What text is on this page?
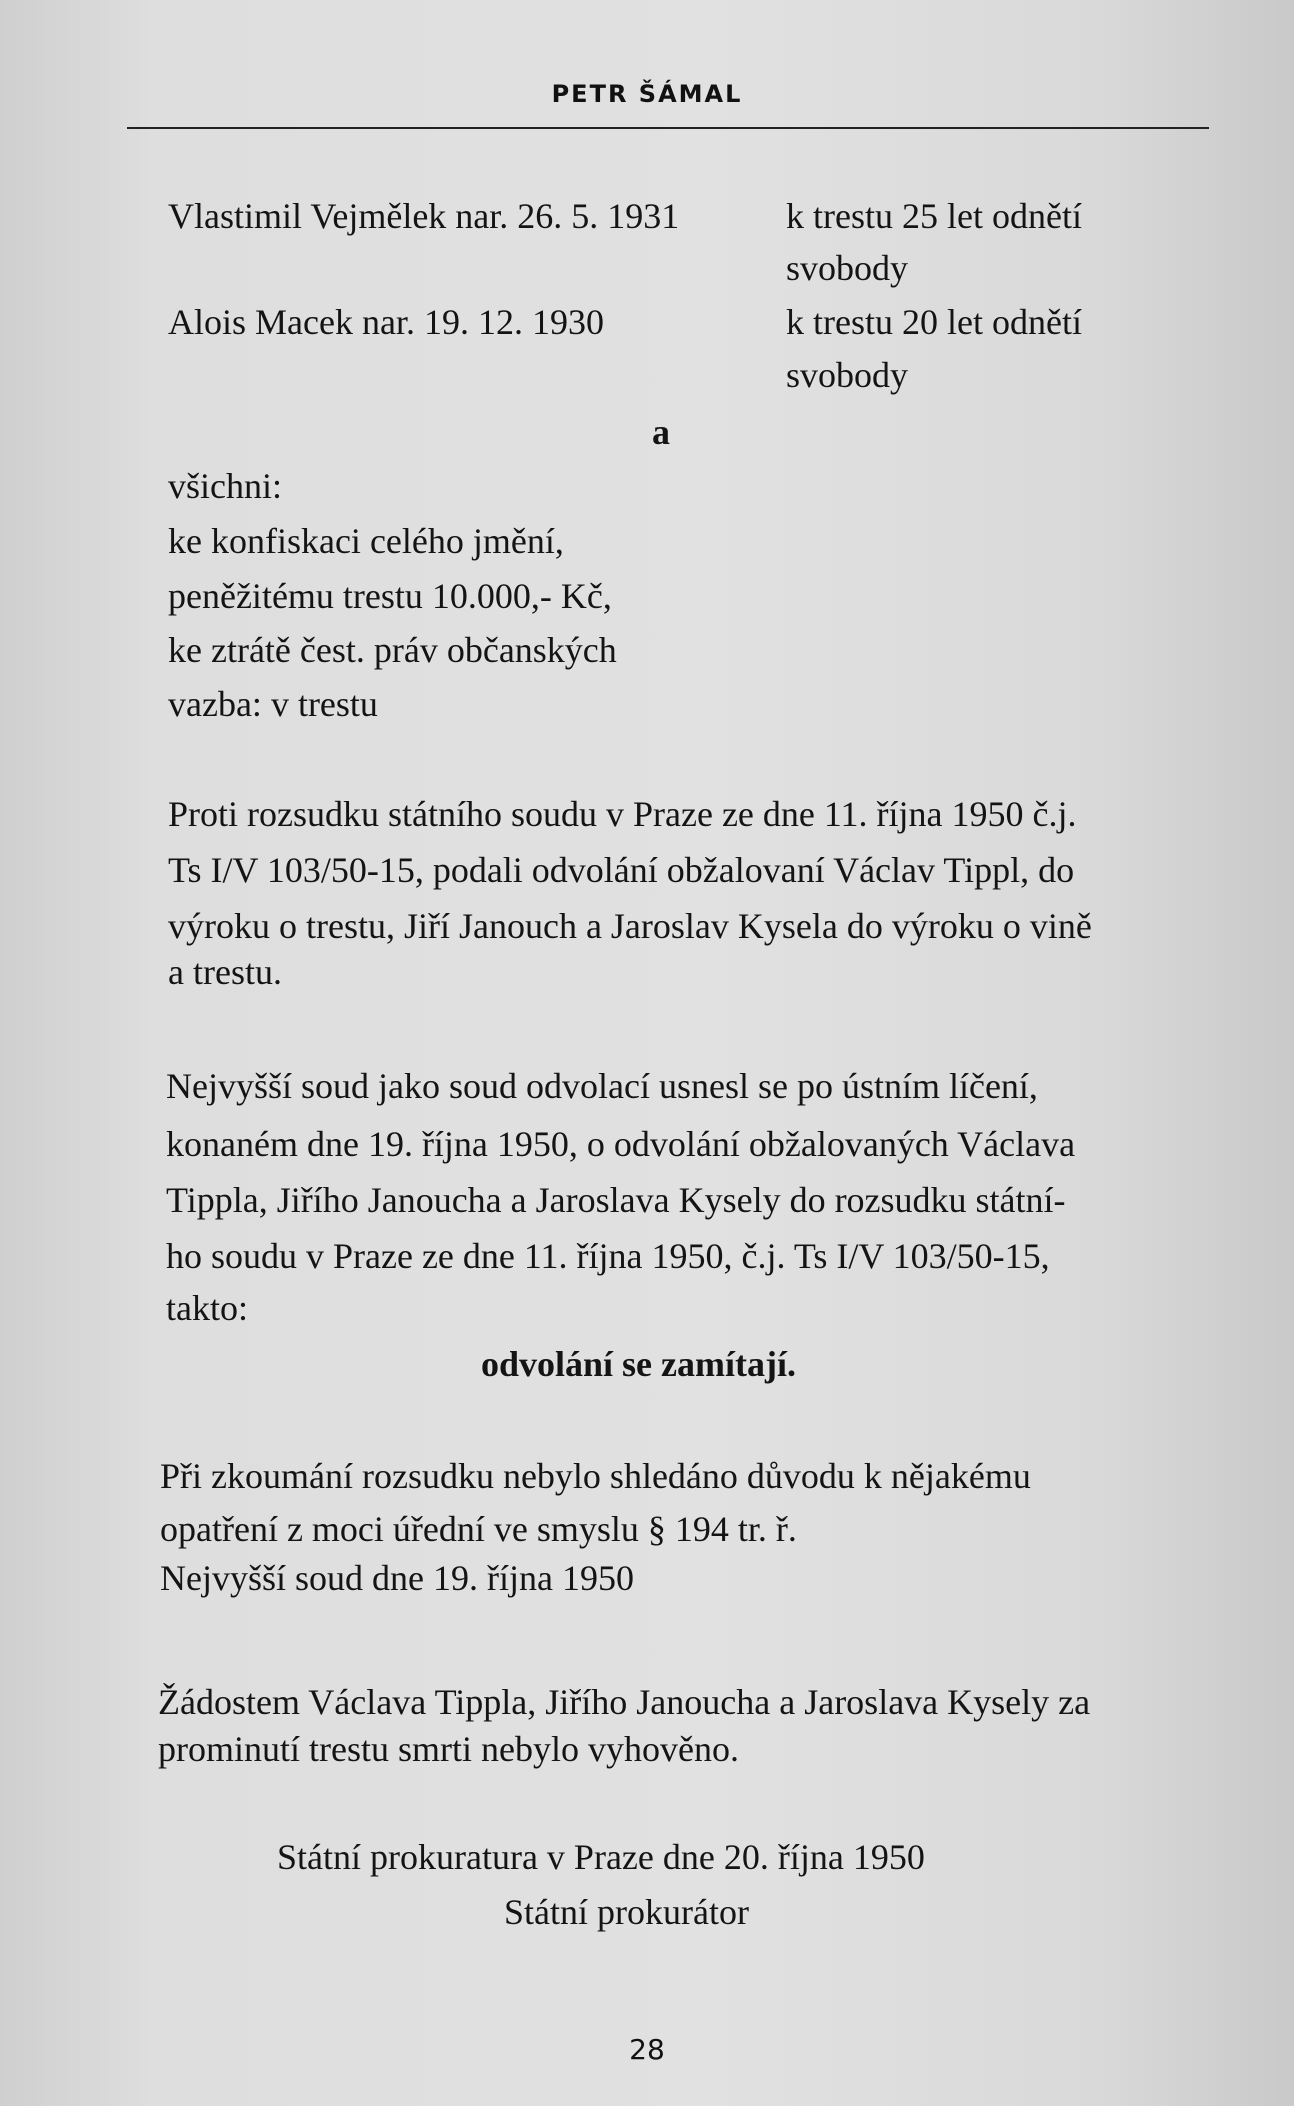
PETR ŠÁMAL
Vlastimil Vejmělek nar. 26. 5. 1931	k trestu 25 let odnětí
svobody
Alois Macek nar. 19. 12. 1930	k trestu 20 let odnětí
svobody
a
všichni:
ke konfiskaci celého jmění,
peněžitému trestu 10.000,- Kč,
ke ztrátě čest. práv občanských
vazba: v trestu
Proti rozsudku státního soudu v Praze ze dne 11. října 1950 č.j.
Ts I/V 103/50-15, podali odvolání obžalovaní Václav Tippl, do
výroku o trestu, Jiří Janouch a Jaroslav Kysela do výroku o vině
a trestu.
Nejvyšší soud jako soud odvolací usnesl se po ústním líčení,
konaném dne 19. října 1950, o odvolání obžalovaných Václava
Tippla, Jiřího Janoucha a Jaroslava Kysely do rozsudku státní-
ho soudu v Praze ze dne 11. října 1950, č.j. Ts I/V 103/50-15,
takto:
odvolání se zamítají.
Při zkoumání rozsudku nebylo shledáno důvodu k nějakému
opatření z moci úřední ve smyslu § 194 tr. ř.
Nejvyšší soud dne 19. října 1950
Žádostem Václava Tippla, Jiřího Janoucha a Jaroslava Kysely za
prominutí trestu smrti nebylo vyhověno.
Státní prokuratura v Praze dne 20. října 1950
Státní prokurátor
28
